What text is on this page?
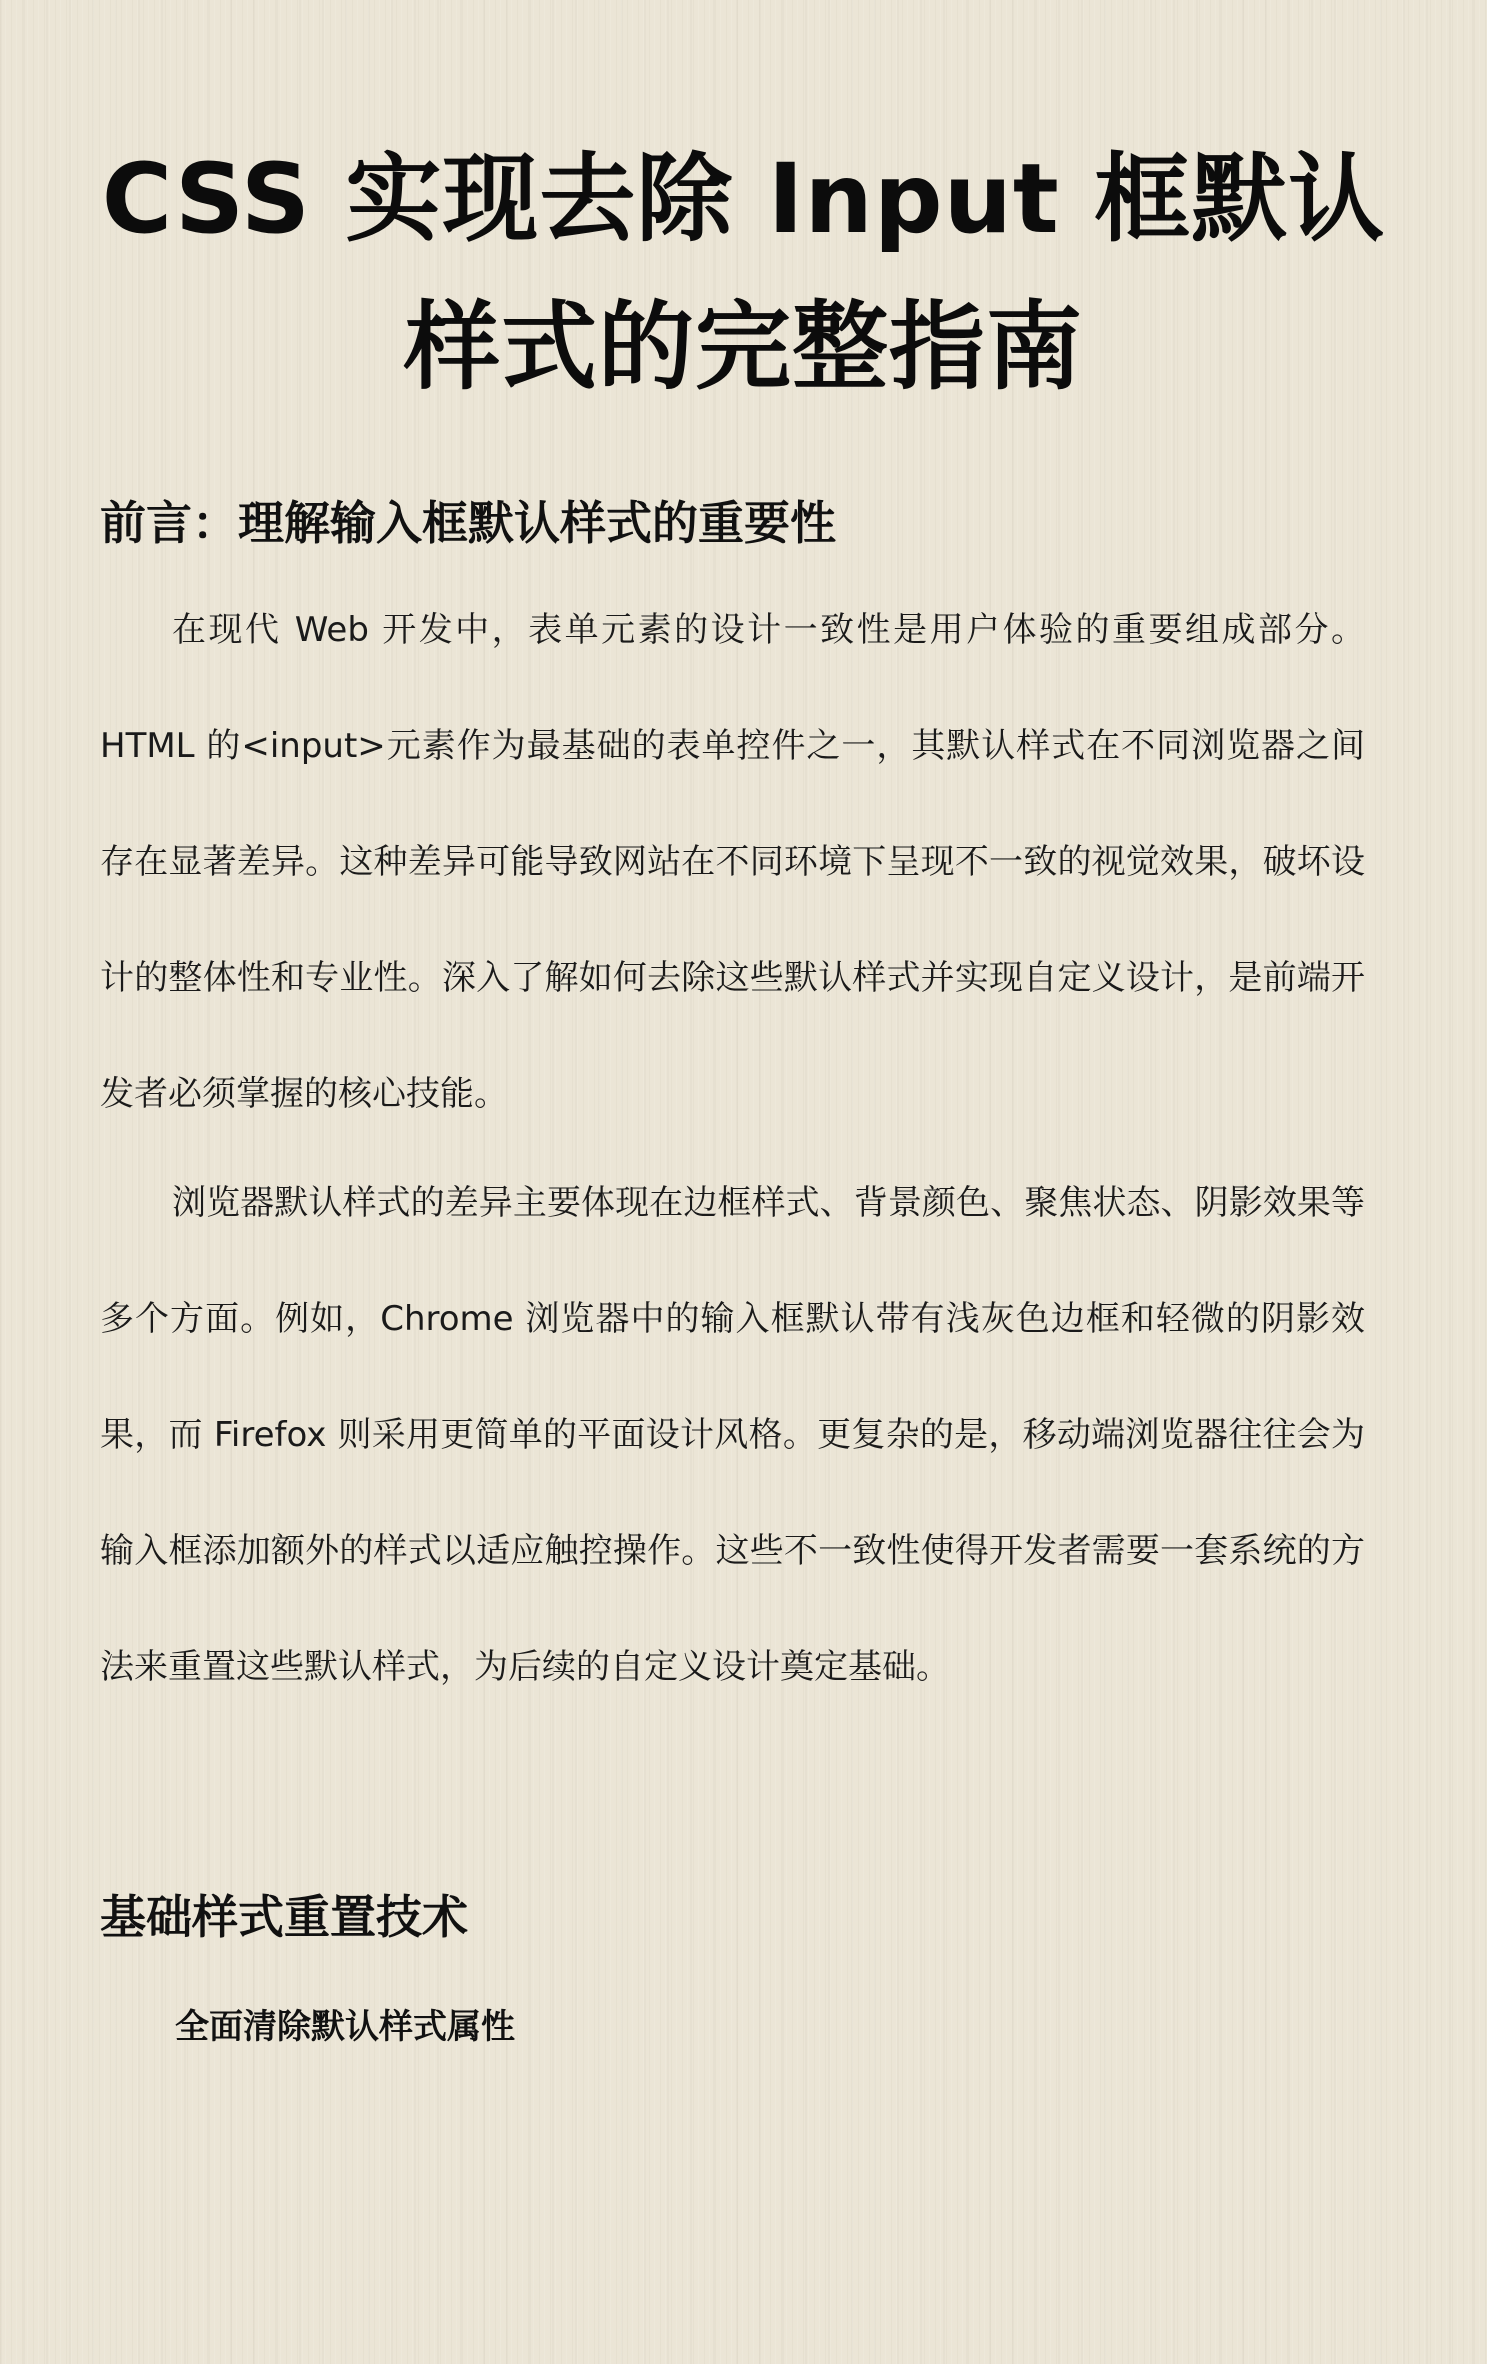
CSS 实现去除 Input 框默认样式的完整指南
前言：理解输入框默认样式的重要性

在现代 Web 开发中，表单元素的设计一致性是用户体验的重要组成部分。HTML 的<input>元素作为最基础的表单控件之一，其默认样式在不同浏览器之间存在显著差异。这种差异可能导致网站在不同环境下呈现不一致的视觉效果，破坏设计的整体性和专业性。深入了解如何去除这些默认样式并实现自定义设计，是前端开发者必须掌握的核心技能。

浏览器默认样式的差异主要体现在边框样式、背景颜色、聚焦状态、阴影效果等多个方面。例如，Chrome 浏览器中的输入框默认带有浅灰色边框和轻微的阴影效果，而 Firefox 则采用更简单的平面设计风格。更复杂的是，移动端浏览器往往会为输入框添加额外的样式以适应触控操作。这些不一致性使得开发者需要一套系统的方法来重置这些默认样式，为后续的自定义设计奠定基础。

基础样式重置技术
全面清除默认样式属性
